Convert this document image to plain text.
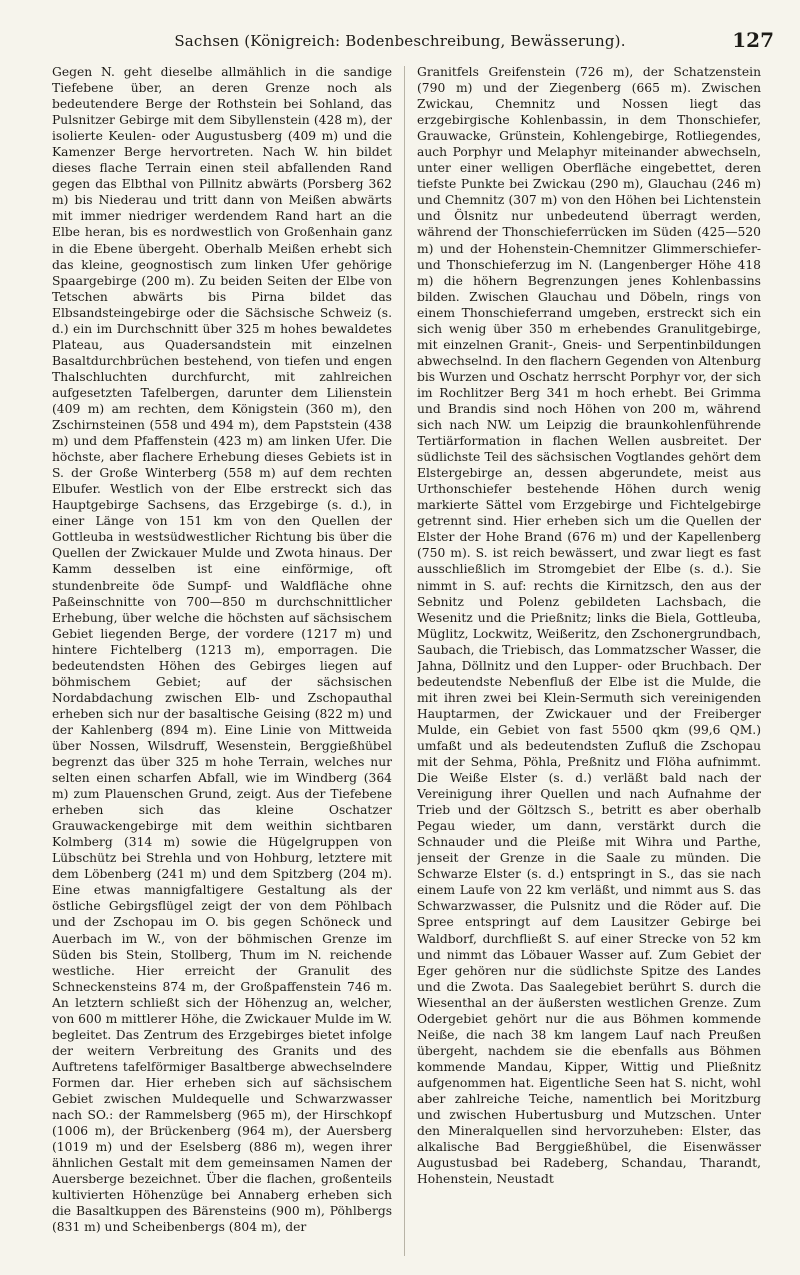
Sachsen (Königreich: Bodenbeschreibung, Bewässerung).	127

Gegen N. geht dieselbe allmählich in die sandige Tiefebene über, an deren Grenze noch als bedeutendere Berge der Rothstein bei Sohland, das Pulsnitzer Gebirge mit dem Sibyllenstein (428 m), der isolierte Keulen- oder Augustusberg (409 m) und die Kamenzer Berge hervortreten. Nach W. hin bildet dieses flache Terrain einen steil abfallenden Rand gegen das Elbthal von Pillnitz abwärts (Porsberg 362 m) bis Niederau und tritt dann von Meißen abwärts mit immer niedriger werdendem Rand hart an die Elbe heran, bis es nordwestlich von Großenhain ganz in die Ebene übergeht. Oberhalb Meißen erhebt sich das kleine, geognostisch zum linken Ufer gehörige Spaargebirge (200 m). Zu beiden Seiten der Elbe von Tetschen abwärts bis Pirna bildet das Elbsandsteingebirge oder die Sächsische Schweiz (s. d.) ein im Durchschnitt über 325 m hohes bewaldetes Plateau, aus Quadersandstein mit einzelnen Basaltdurchbrüchen bestehend, von tiefen und engen Thalschluchten durchfurcht, mit zahlreichen aufgesetzten Tafelbergen, darunter dem Lilienstein (409 m) am rechten, dem Königstein (360 m), den Zschirnsteinen (558 und 494 m), dem Papststein (438 m) und dem Pfaffenstein (423 m) am linken Ufer. Die höchste, aber flachere Erhebung dieses Gebiets ist in S. der Große Winterberg (558 m) auf dem rechten Elbufer. Westlich von der Elbe erstreckt sich das Hauptgebirge Sachsens, das Erzgebirge (s. d.), in einer Länge von 151 km von den Quellen der Gottleuba in westsüdwestlicher Richtung bis über die Quellen der Zwickauer Mulde und Zwota hinaus. Der Kamm desselben ist eine einförmige, oft stundenbreite öde Sumpf- und Waldfläche ohne Paßeinschnitte von 700—850 m durchschnittlicher Erhebung, über welche die höchsten auf sächsischem Gebiet liegenden Berge, der vordere (1217 m) und hintere Fichtelberg (1213 m), emporragen. Die bedeutendsten Höhen des Gebirges liegen auf böhmischem Gebiet; auf der sächsischen Nordabdachung zwischen Elb- und Zschopauthal erheben sich nur der basaltische Geising (822 m) und der Kahlenberg (894 m). Eine Linie von Mittweida über Nossen, Wilsdruff, Wesenstein, Berggießhübel begrenzt das über 325 m hohe Terrain, welches nur selten einen scharfen Abfall, wie im Windberg (364 m) zum Plauenschen Grund, zeigt. Aus der Tiefebene erheben sich das kleine Oschatzer Grauwackengebirge mit dem weithin sichtbaren Kolmberg (314 m) sowie die Hügelgruppen von Lübschütz bei Strehla und von Hohburg, letztere mit dem Löbenberg (241 m) und dem Spitzberg (204 m). Eine etwas mannigfaltigere Gestaltung als der östliche Gebirgsflügel zeigt der von dem Pöhlbach und der Zschopau im O. bis gegen Schöneck und Auerbach im W., von der böhmischen Grenze im Süden bis Stein, Stollberg, Thum im N. reichende westliche. Hier erreicht der Granulit des Schneckensteins 874 m, der Großpaffenstein 746 m. An letztern schließt sich der Höhenzug an, welcher, von 600 m mittlerer Höhe, die Zwickauer Mulde im W. begleitet. Das Zentrum des Erzgebirges bietet infolge der weitern Verbreitung des Granits und des Auftretens tafelförmiger Basaltberge abwechselndere Formen dar. Hier erheben sich auf sächsischem Gebiet zwischen Muldequelle und Schwarzwasser nach SO.: der Rammelsberg (965 m), der Hirschkopf (1006 m), der Brückenberg (964 m), der Auersberg (1019 m) und der Eselsberg (886 m), wegen ihrer ähnlichen Gestalt mit dem gemeinsamen Namen der Auersberge bezeichnet. Über die flachen, großenteils kultivierten Höhenzüge bei Annaberg erheben sich die Basaltkuppen des Bärensteins (900 m), Pöhlbergs (831 m) und Scheibenbergs (804 m), der

Granitfels Greifenstein (726 m), der Schatzenstein (790 m) und der Ziegenberg (665 m). Zwischen Zwickau, Chemnitz und Nossen liegt das erzgebirgische Kohlenbassin, in dem Thonschiefer, Grauwacke, Grünstein, Kohlengebirge, Rotliegendes, auch Porphyr und Melaphyr miteinander abwechseln, unter einer welligen Oberfläche eingebettet, deren tiefste Punkte bei Zwickau (290 m), Glauchau (246 m) und Chemnitz (307 m) von den Höhen bei Lichtenstein und Ölsnitz nur unbedeutend überragt werden, während der Thonschieferrücken im Süden (425—520 m) und der Hohenstein-Chemnitzer Glimmerschiefer- und Thonschieferzug im N. (Langenberger Höhe 418 m) die höhern Begrenzungen jenes Kohlenbassins bilden. Zwischen Glauchau und Döbeln, rings von einem Thonschieferrand umgeben, erstreckt sich ein sich wenig über 350 m erhebendes Granulitgebirge, mit einzelnen Granit-, Gneis- und Serpentinbildungen abwechselnd. In den flachern Gegenden von Altenburg bis Wurzen und Oschatz herrscht Porphyr vor, der sich im Rochlitzer Berg 341 m hoch erhebt. Bei Grimma und Brandis sind noch Höhen von 200 m, während sich nach NW. um Leipzig die braunkohlenführende Tertiärformation in flachen Wellen ausbreitet. Der südlichste Teil des sächsischen Vogtlandes gehört dem Elstergebirge an, dessen abgerundete, meist aus Urthonschiefer bestehende Höhen durch wenig markierte Sättel vom Erzgebirge und Fichtelgebirge getrennt sind. Hier erheben sich um die Quellen der Elster der Hohe Brand (676 m) und der Kapellenberg (750 m). S. ist reich bewässert, und zwar liegt es fast ausschließlich im Stromgebiet der Elbe (s. d.). Sie nimmt in S. auf: rechts die Kirnitzsch, den aus der Sebnitz und Polenz gebildeten Lachsbach, die Wesenitz und die Prießnitz; links die Biela, Gottleuba, Müglitz, Lockwitz, Weißeritz, den Zschonergrundbach, Saubach, die Triebisch, das Lommatzscher Wasser, die Jahna, Döllnitz und den Lupper- oder Bruchbach. Der bedeutendste Nebenfluß der Elbe ist die Mulde, die mit ihren zwei bei Klein-Sermuth sich vereinigenden Hauptarmen, der Zwickauer und der Freiberger Mulde, ein Gebiet von fast 5500 qkm (99,6 QM.) umfaßt und als bedeutendsten Zufluß die Zschopau mit der Sehma, Pöhla, Preßnitz und Flöha aufnimmt. Die Weiße Elster (s. d.) verläßt bald nach der Vereinigung ihrer Quellen und nach Aufnahme der Trieb und der Göltzsch S., betritt es aber oberhalb Pegau wieder, um dann, verstärkt durch die Schnauder und die Pleiße mit Wihra und Parthe, jenseit der Grenze in die Saale zu münden. Die Schwarze Elster (s. d.) entspringt in S., das sie nach einem Laufe von 22 km verläßt, und nimmt aus S. das Schwarzwasser, die Pulsnitz und die Röder auf. Die Spree entspringt auf dem Lausitzer Gebirge bei Waldborf, durchfließt S. auf einer Strecke von 52 km und nimmt das Löbauer Wasser auf. Zum Gebiet der Eger gehören nur die südlichste Spitze des Landes und die Zwota. Das Saalegebiet berührt S. durch die Wiesenthal an der äußersten westlichen Grenze. Zum Odergebiet gehört nur die aus Böhmen kommende Neiße, die nach 38 km langem Lauf nach Preußen übergeht, nachdem sie die ebenfalls aus Böhmen kommende Mandau, Kipper, Wittig und Pließnitz aufgenommen hat. Eigentliche Seen hat S. nicht, wohl aber zahlreiche Teiche, namentlich bei Moritzburg und zwischen Hubertusburg und Mutzschen. Unter den Mineralquellen sind hervorzuheben: Elster, das alkalische Bad Berggießhübel, die Eisenwässer Augustusbad bei Radeberg, Schandau, Tharandt, Hohenstein, Neustadt
